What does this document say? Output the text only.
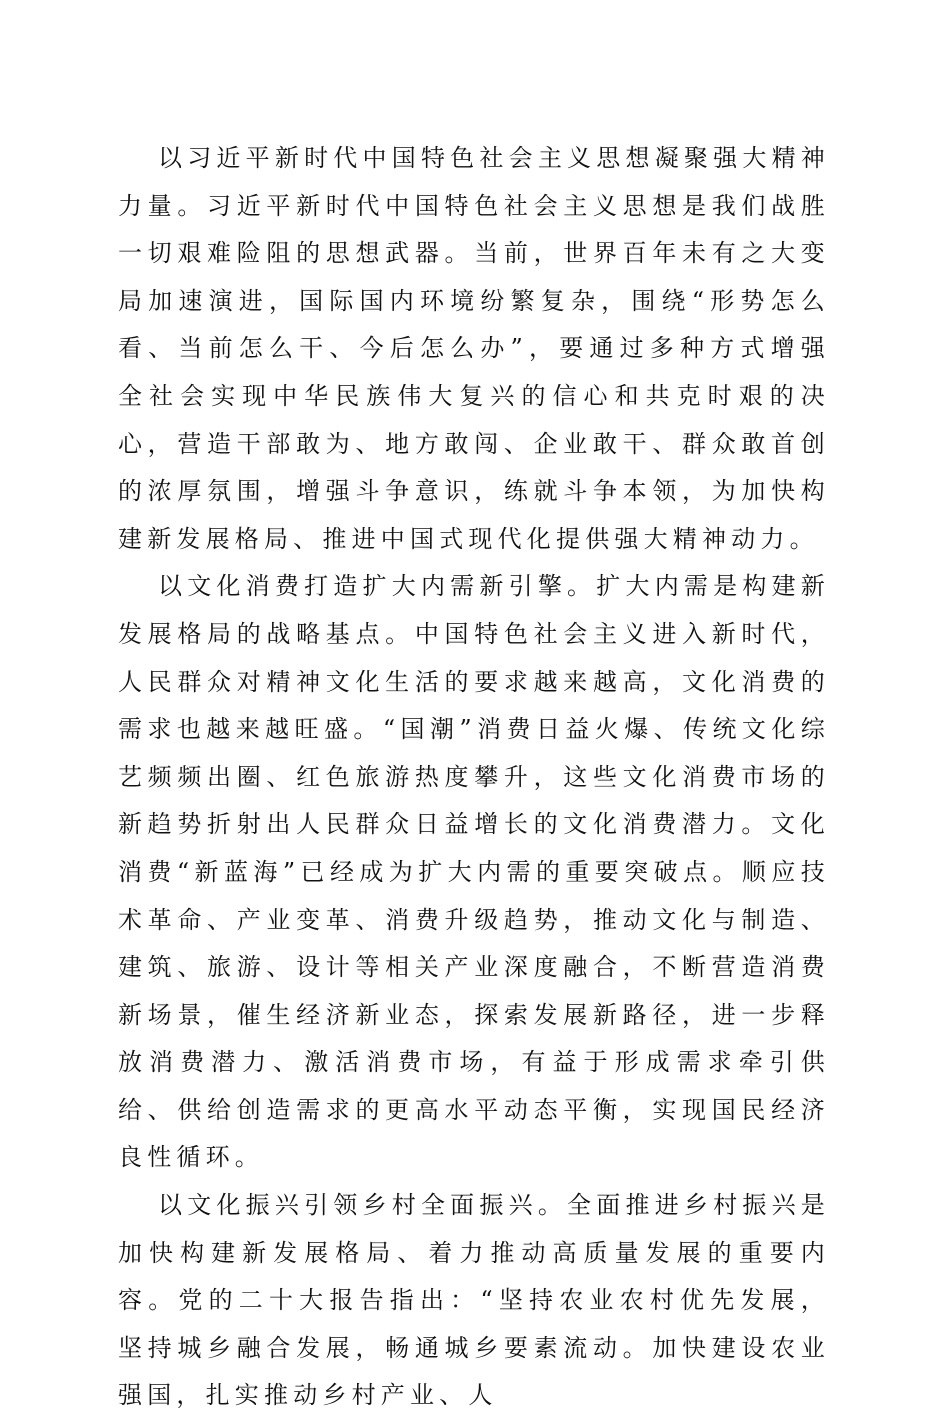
以习近平新时代中国特色社会主义思想凝聚强大精神力量。习近平新时代中国特色社会主义思想是我们战胜一切艰难险阻的思想武器。当前，世界百年未有之大变局加速演进，国际国内环境纷繁复杂，围绕“形势怎么看、当前怎么干、今后怎么办”，要通过多种方式增强全社会实现中华民族伟大复兴的信心和共克时艰的决心，营造干部敢为、地方敢闯、企业敢干、群众敢首创的浓厚氛围，增强斗争意识，练就斗争本领，为加快构建新发展格局、推进中国式现代化提供强大精神动力。

以文化消费打造扩大内需新引擎。扩大内需是构建新发展格局的战略基点。中国特色社会主义进入新时代，人民群众对精神文化生活的要求越来越高，文化消费的需求也越来越旺盛。“国潮”消费日益火爆、传统文化综艺频频出圈、红色旅游热度攀升，这些文化消费市场的新趋势折射出人民群众日益增长的文化消费潜力。文化消费“新蓝海”已经成为扩大内需的重要突破点。顺应技术革命、产业变革、消费升级趋势，推动文化与制造、建筑、旅游、设计等相关产业深度融合，不断营造消费新场景，催生经济新业态，探索发展新路径，进一步释放消费潜力、激活消费市场，有益于形成需求牵引供给、供给创造需求的更高水平动态平衡，实现国民经济良性循环。

以文化振兴引领乡村全面振兴。全面推进乡村振兴是加快构建新发展格局、着力推动高质量发展的重要内容。党的二十大报告指出：“坚持农业农村优先发展，坚持城乡融合发展，畅通城乡要素流动。加快建设农业强国，扎实推动乡村产业、人
